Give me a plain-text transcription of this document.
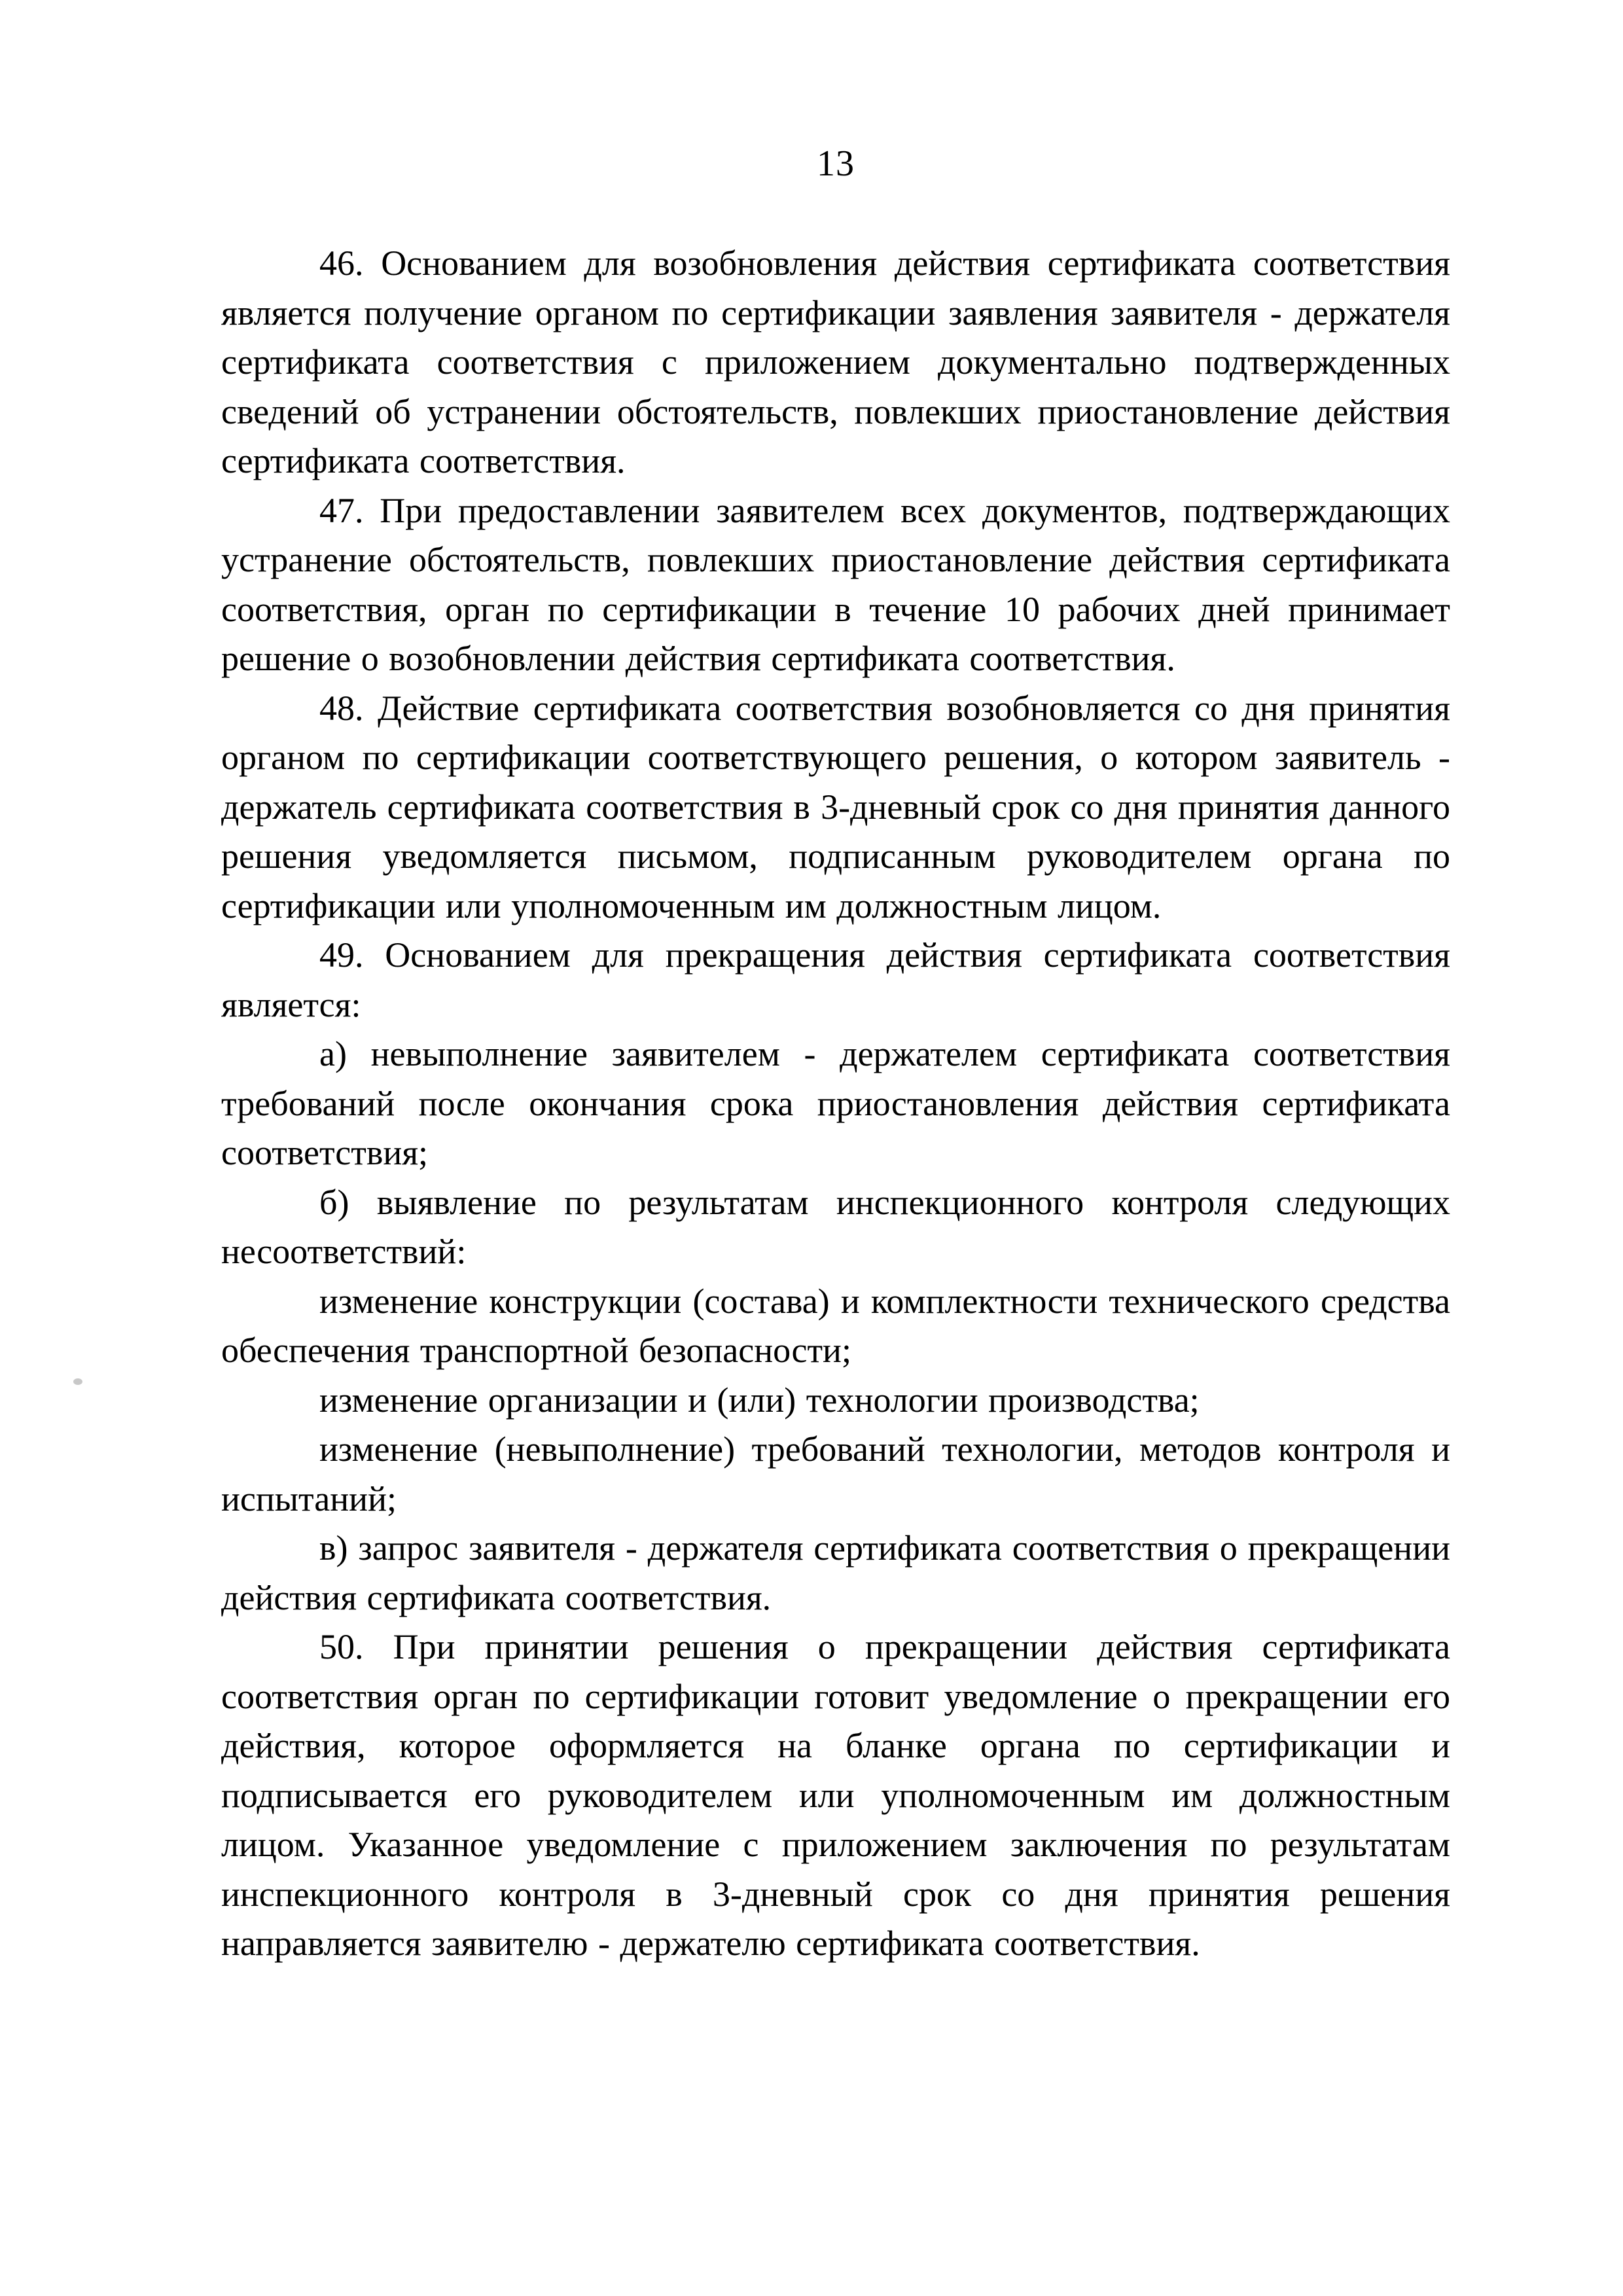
13

46. Основанием для возобновления действия сертификата соответствия является получение органом по сертификации заявления заявителя - держателя сертификата соответствия с приложением документально подтвержденных сведений об устранении обстоятельств, повлекших приостановление действия сертификата соответствия.

47. При предоставлении заявителем всех документов, подтверждающих устранение обстоятельств, повлекших приостановление действия сертификата соответствия, орган по сертификации в течение 10 рабочих дней принимает решение о возобновлении действия сертификата соответствия.

48. Действие сертификата соответствия возобновляется со дня принятия органом по сертификации соответствующего решения, о котором заявитель - держатель сертификата соответствия в 3-дневный срок со дня принятия данного решения уведомляется письмом, подписанным руководителем органа по сертификации или уполномоченным им должностным лицом.

49. Основанием для прекращения действия сертификата соответствия является:

а) невыполнение заявителем - держателем сертификата соответствия требований после окончания срока приостановления действия сертификата соответствия;

б) выявление по результатам инспекционного контроля следующих несоответствий:

изменение конструкции (состава) и комплектности технического средства обеспечения транспортной безопасности;

изменение организации и (или) технологии производства;

изменение (невыполнение) требований технологии, методов контроля и испытаний;

в) запрос заявителя - держателя сертификата соответствия о прекращении действия сертификата соответствия.

50. При принятии решения о прекращении действия сертификата соответствия орган по сертификации готовит уведомление о прекращении его действия, которое оформляется на бланке органа по сертификации и подписывается его руководителем или уполномоченным им должностным лицом. Указанное уведомление с приложением заключения по результатам инспекционного контроля в 3-дневный срок со дня принятия решения направляется заявителю - держателю сертификата соответствия.
